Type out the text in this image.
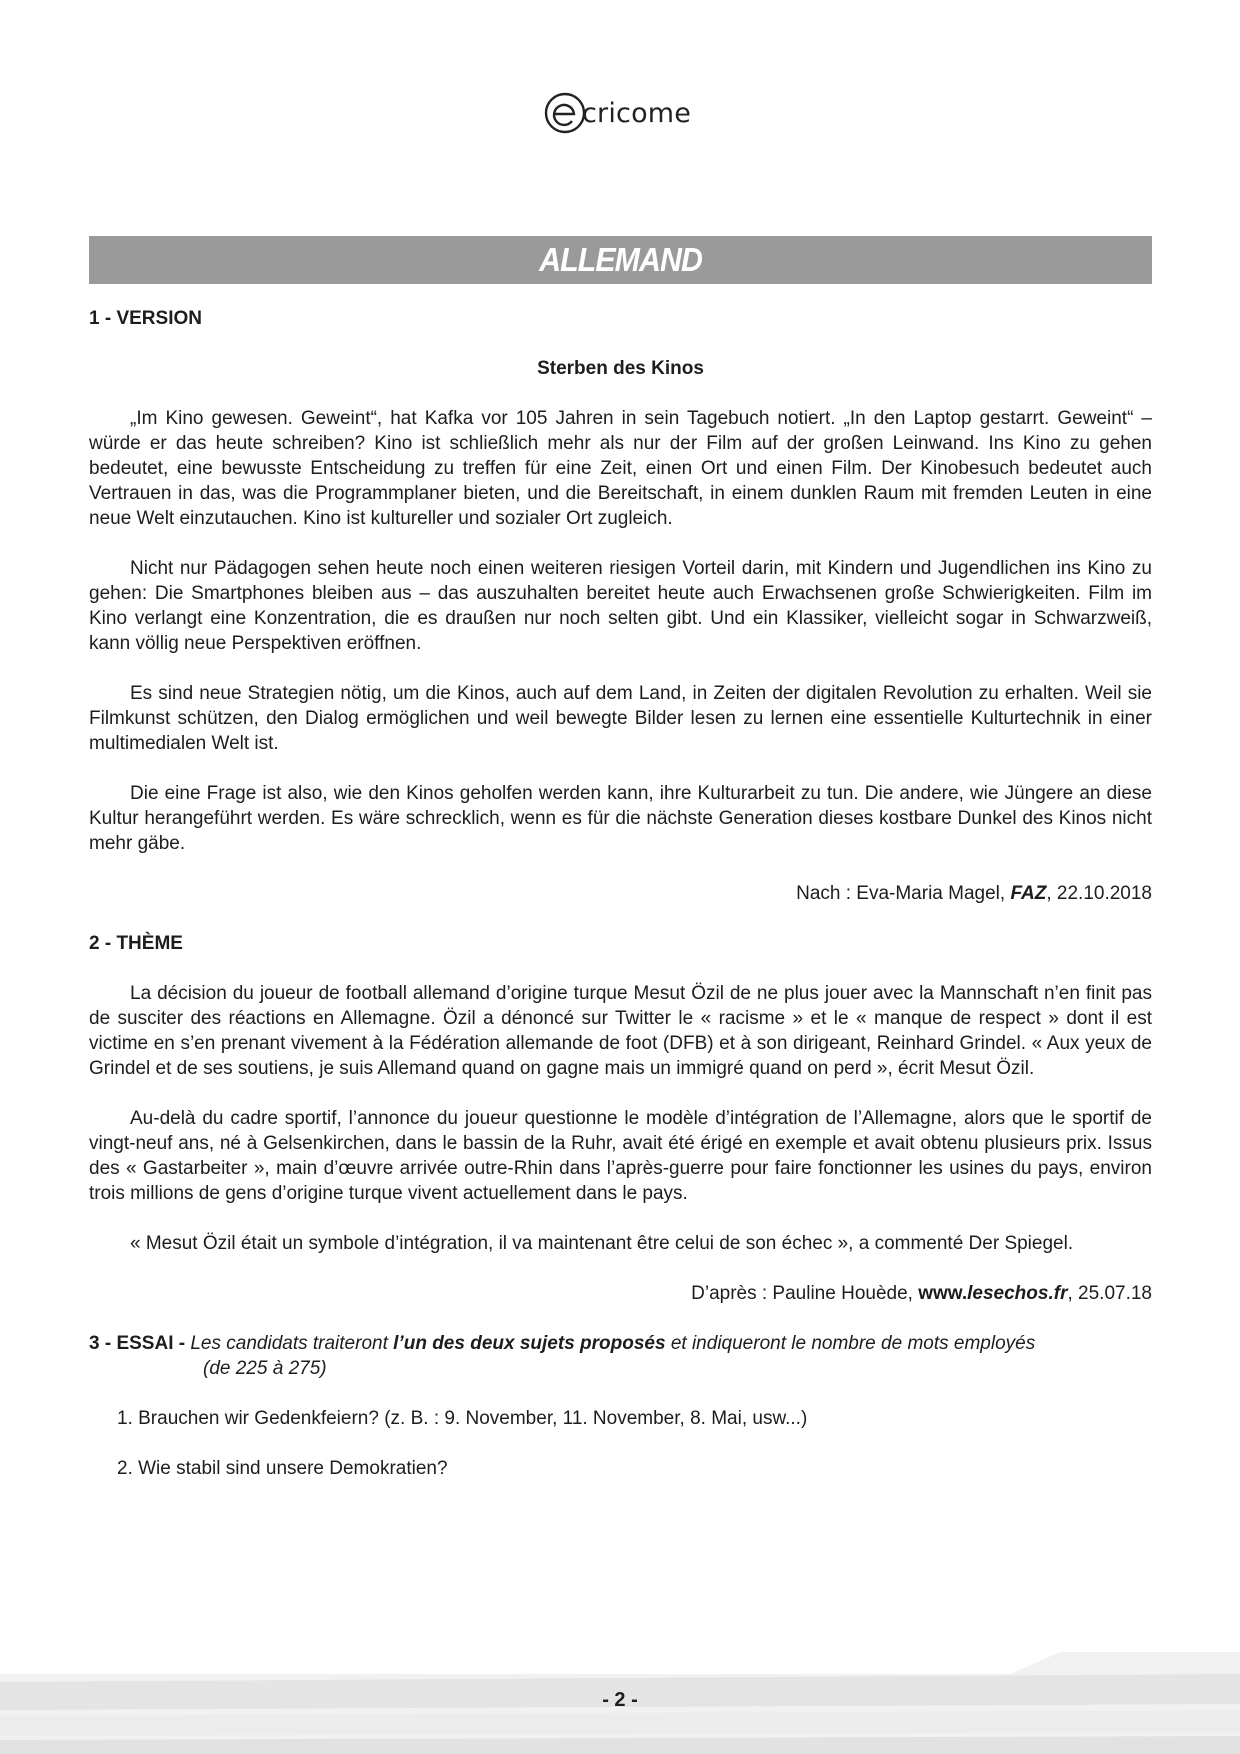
cricome
ALLEMAND

1 - VERSION

Sterben des Kinos

„Im Kino gewesen. Geweint“, hat Kafka vor 105 Jahren in sein Tagebuch notiert. „In den Laptop gestarrt. Geweint“ – würde er das heute schreiben? Kino ist schließlich mehr als nur der Film auf der großen Leinwand. Ins Kino zu gehen bedeutet, eine bewusste Entscheidung zu treffen für eine Zeit, einen Ort und einen Film. Der Kinobesuch bedeutet auch Vertrauen in das, was die Programmplaner bieten, und die Bereitschaft, in einem dunklen Raum mit fremden Leuten in eine neue Welt einzutauchen. Kino ist kultureller und sozialer Ort zugleich.

Nicht nur Pädagogen sehen heute noch einen weiteren riesigen Vorteil darin, mit Kindern und Jugendlichen ins Kino zu gehen: Die Smartphones bleiben aus – das auszuhalten bereitet heute auch Erwachsenen große Schwierigkeiten. Film im Kino verlangt eine Konzentration, die es draußen nur noch selten gibt. Und ein Klassiker, vielleicht sogar in Schwarzweiß, kann völlig neue Perspektiven eröffnen.

Es sind neue Strategien nötig, um die Kinos, auch auf dem Land, in Zeiten der digitalen Revolution zu erhalten. Weil sie Filmkunst schützen, den Dialog ermöglichen und weil bewegte Bilder lesen zu lernen eine essentielle Kulturtechnik in einer multimedialen Welt ist.

Die eine Frage ist also, wie den Kinos geholfen werden kann, ihre Kulturarbeit zu tun. Die andere, wie Jüngere an diese Kultur herangeführt werden. Es wäre schrecklich, wenn es für die nächste Generation dieses kostbare Dunkel des Kinos nicht mehr gäbe.

Nach : Eva-Maria Magel, FAZ, 22.10.2018

2 - THÈME

La décision du joueur de football allemand d’origine turque Mesut Özil de ne plus jouer avec la Mannschaft n’en finit pas de susciter des réactions en Allemagne. Özil a dénoncé sur Twitter le « racisme » et le « manque de respect » dont il est victime en s’en prenant vivement à la Fédération allemande de foot (DFB) et à son dirigeant, Reinhard Grindel. « Aux yeux de Grindel et de ses soutiens, je suis Allemand quand on gagne mais un immigré quand on perd », écrit Mesut Özil.

Au-delà du cadre sportif, l’annonce du joueur questionne le modèle d’intégration de l’Allemagne, alors que le sportif de vingt-neuf ans, né à Gelsenkirchen, dans le bassin de la Ruhr, avait été érigé en exemple et avait obtenu plusieurs prix. Issus des « Gastarbeiter », main d’œuvre arrivée outre-Rhin dans l’après-guerre pour faire fonctionner les usines du pays, environ trois millions de gens d’origine turque vivent actuellement dans le pays.

« Mesut Özil était un symbole d’intégration, il va maintenant être celui de son échec », a commenté Der Spiegel.

D’après : Pauline Houède, www.lesechos.fr, 25.07.18

3 - ESSAI - Les candidats traiteront l’un des deux sujets proposés et indiqueront le nombre de mots employés

(de 225 à 275)

1. Brauchen wir Gedenkfeiern? (z. B. : 9. November, 11. November, 8. Mai, usw...)

2. Wie stabil sind unsere Demokratien?

- 2 -
